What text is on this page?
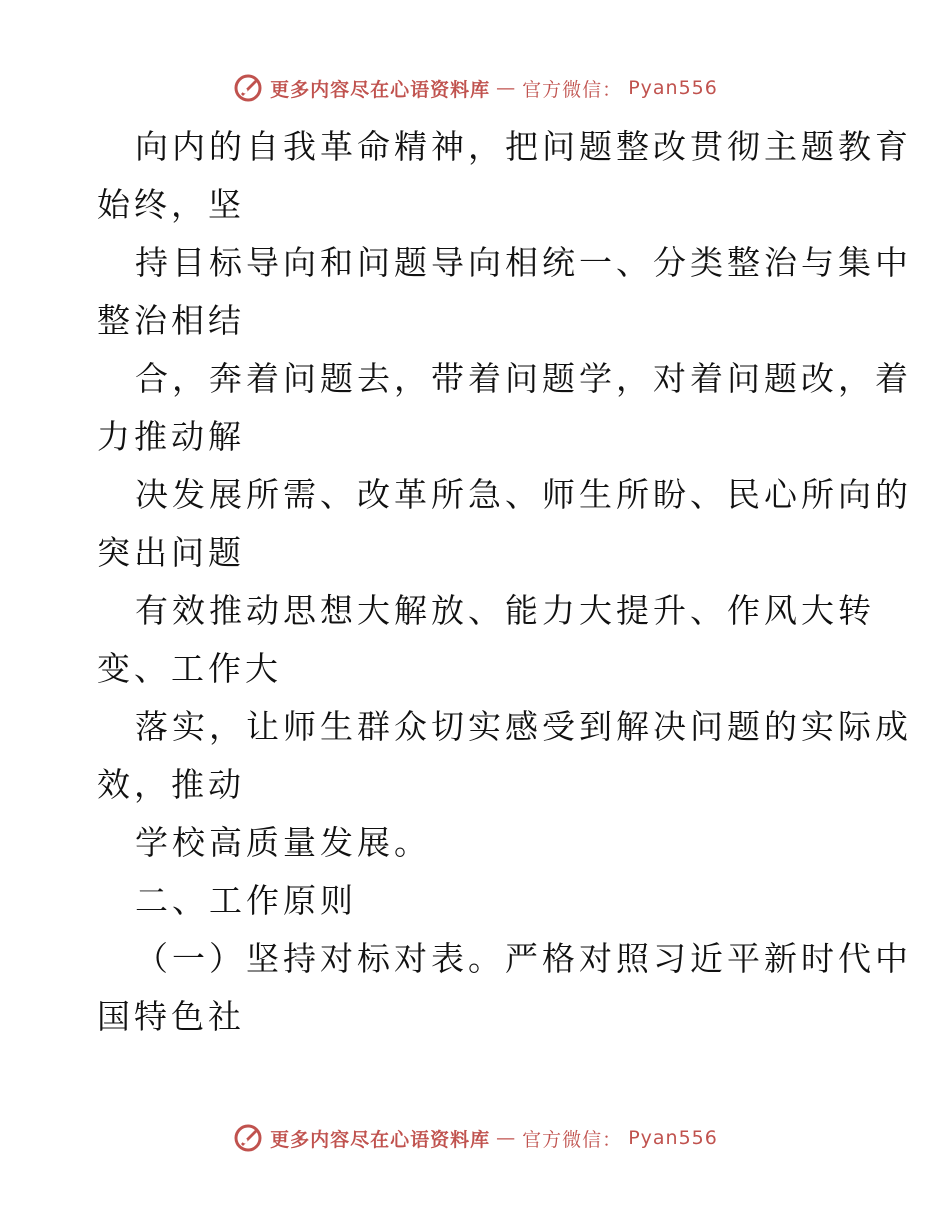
更多内容尽在心语资料库 — 官方微信： Pyan556
向内的自我革命精神，把问题整改贯彻主题教育
始终，坚
持目标导向和问题导向相统一、分类整治与集中
整治相结
合，奔着问题去，带着问题学，对着问题改，着
力推动解
决发展所需、改革所急、师生所盼、民心所向的
突出问题
有效推动思想大解放、能力大提升、作风大转
变、工作大
落实，让师生群众切实感受到解决问题的实际成
效，推动
学校高质量发展。
二、工作原则
（一）坚持对标对表。严格对照习近平新时代中
国特色社
更多内容尽在心语资料库 — 官方微信： Pyan556
